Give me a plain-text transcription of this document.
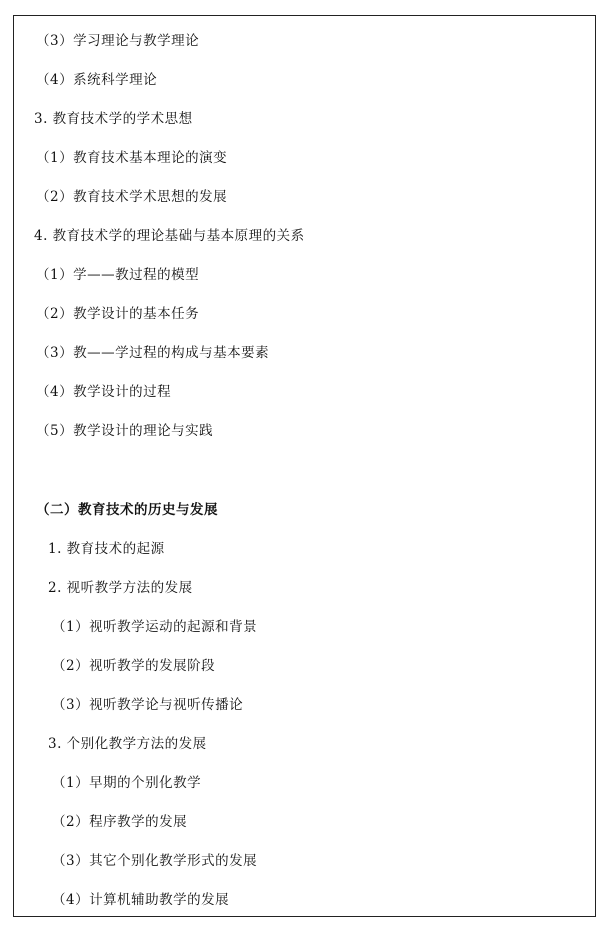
（3）学习理论与教学理论
（4）系统科学理论
3. 教育技术学的学术思想
（1）教育技术基本理论的演变
（2）教育技术学术思想的发展
4. 教育技术学的理论基础与基本原理的关系
（1）学——教过程的模型
（2）教学设计的基本任务
（3）教——学过程的构成与基本要素
（4）教学设计的过程
（5）教学设计的理论与实践
（二）教育技术的历史与发展
1. 教育技术的起源
2. 视听教学方法的发展
（1）视听教学运动的起源和背景
（2）视听教学的发展阶段
（3）视听教学论与视听传播论
3. 个别化教学方法的发展
（1）早期的个别化教学
（2）程序教学的发展
（3）其它个别化教学形式的发展
（4）计算机辅助教学的发展
